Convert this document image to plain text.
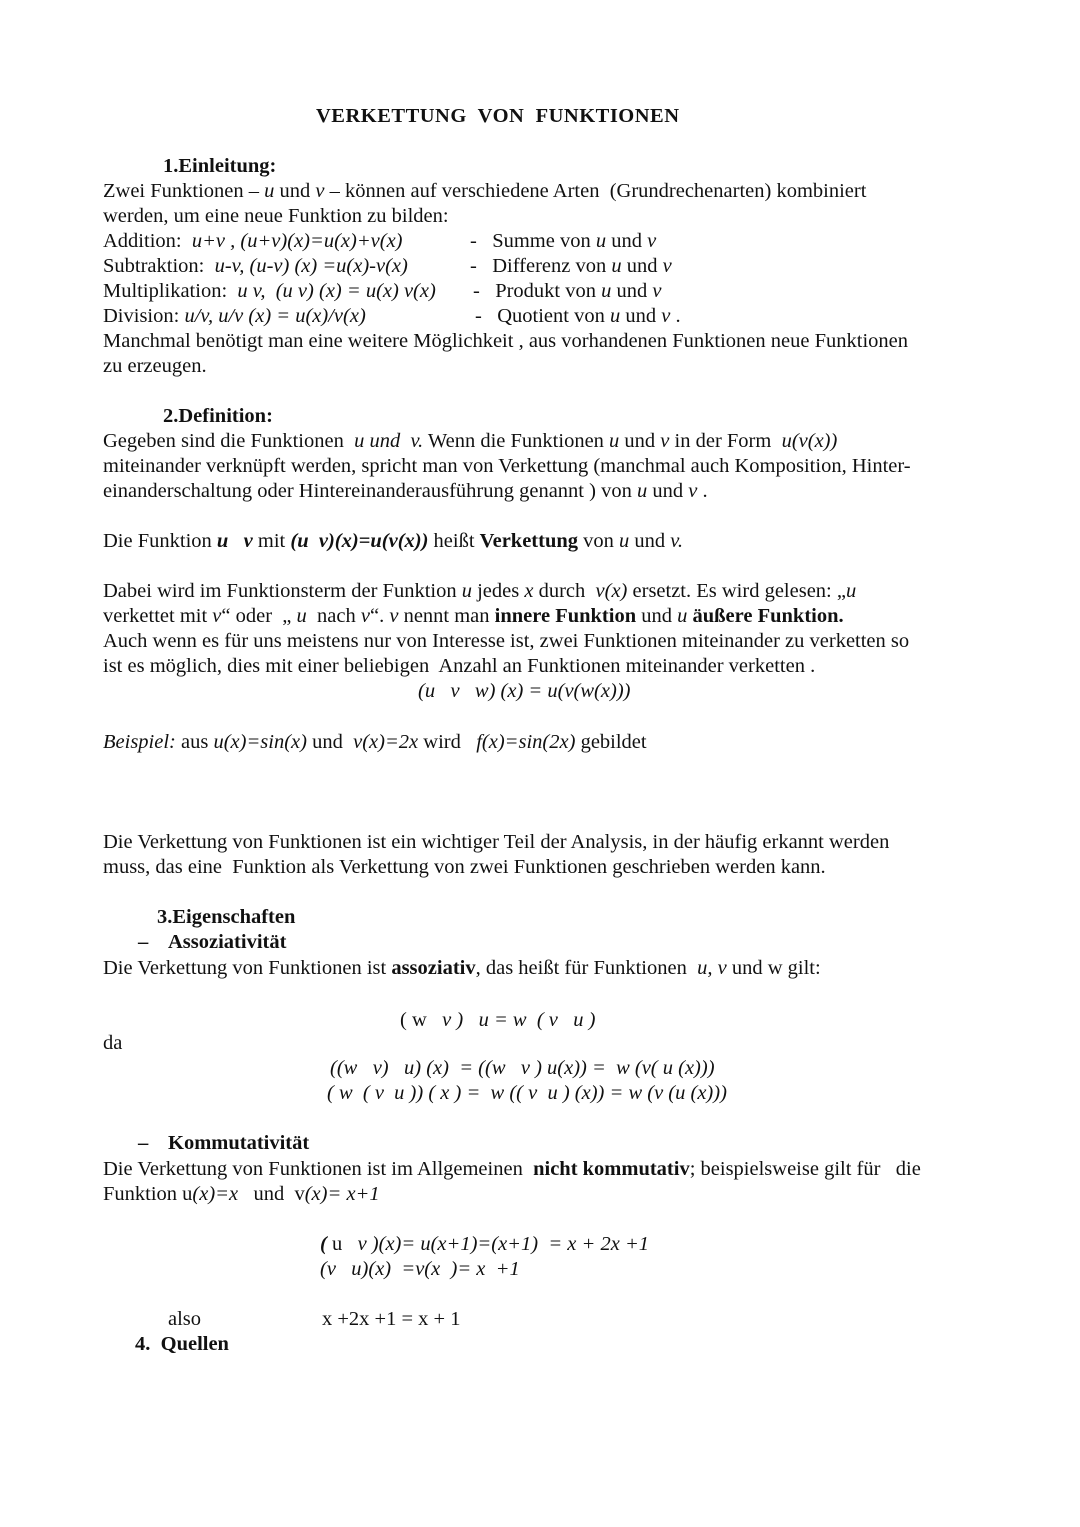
VERKETTUNG  VON  FUNKTIONEN
1.Einleitung:
Zwei Funktionen – u und v – können auf verschiedene Arten  (Grundrechenarten) kombiniert
werden, um eine neue Funktion zu bilden:
Addition:  u+v , (u+v)(x)=u(x)+v(x)	-   Summe von u und v
Subtraktion:  u-v, (u-v) (x) =u(x)-v(x)	-   Differenz von u und v
Multiplikation:  u v,  (u v) (x) = u(x) v(x) -   Produkt von u und v
Division: u/v, u/v (x) = u(x)/v(x)	-   Quotient von u und v .
Manchmal benötigt man eine weitere Möglichkeit , aus vorhandenen Funktionen neue Funktionen
zu erzeugen.
2.Definition:
Gegeben sind die Funktionen  u und  v. Wenn die Funktionen u und v in der Form  u(v(x))
miteinander verknüpft werden, spricht man von Verkettung (manchmal auch Komposition, Hinter-
einanderschaltung oder Hintereinanderausführung genannt ) von u und v .
Die Funktion u   v mit (u  v)(x)=u(v(x)) heißt Verkettung von u und v.
Dabei wird im Funktionsterm der Funktion u jedes x durch  v(x) ersetzt. Es wird gelesen: „u
verkettet mit v“ oder  „ u  nach v“. v nennt man innere Funktion und u äußere Funktion.
Auch wenn es für uns meistens nur von Interesse ist, zwei Funktionen miteinander zu verketten so
ist es möglich, dies mit einer beliebigen  Anzahl an Funktionen miteinander verketten .
(u   v   w) (x) = u(v(w(x)))
Beispiel: aus u(x)=sin(x) und  v(x)=2x wird   f(x)=sin(2x) gebildet
Die Verkettung von Funktionen ist ein wichtiger Teil der Analysis, in der häufig erkannt werden
muss, das eine  Funktion als Verkettung von zwei Funktionen geschrieben werden kann.
3.Eigenschaften
– Assoziativität
Die Verkettung von Funktionen ist assoziativ, das heißt für Funktionen  u, v und w gilt:
( w   v )   u = w  ( v   u )
da
((w   v)   u) (x)  = ((w   v ) u(x)) =  w (v( u (x)))
( w  ( v  u )) ( x ) =  w (( v  u ) (x)) = w (v (u (x)))
– Kommutativität
Die Verkettung von Funktionen ist im Allgemeinen  nicht kommutativ; beispielsweise gilt für   die
Funktion u(x)=x   und  v(x)= x+1
( u   v )(x)= u(x+1)=(x+1)  = x + 2x +1
(v   u)(x)  =v(x  )= x  +1
also	x +2x +1 = x + 1
4.  Quellen
